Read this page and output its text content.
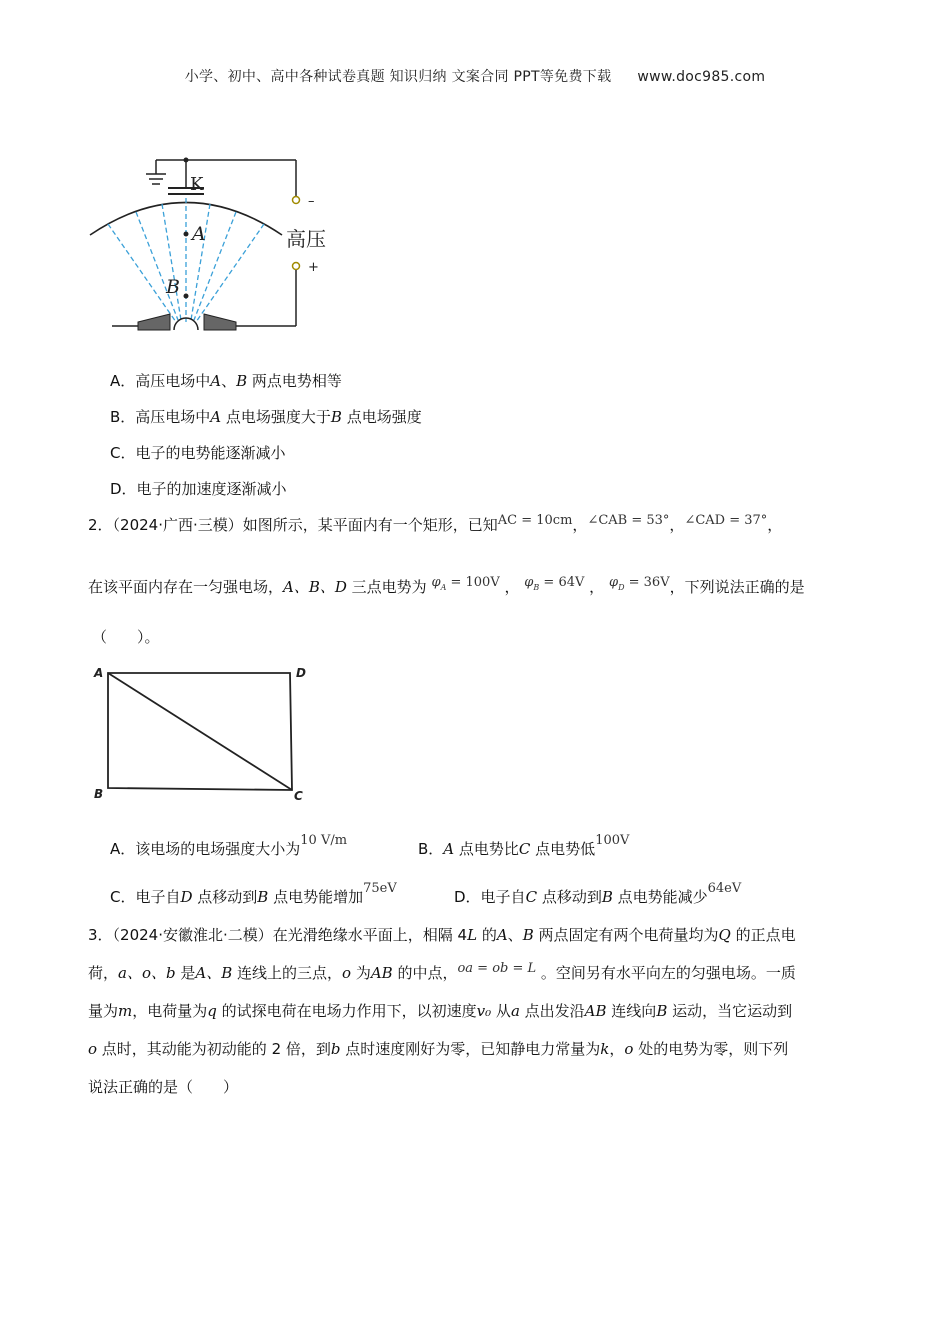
小学、初中、高中各种试卷真题 知识归纳 文案合同 PPT等免费下载 www.doc985.com
K
–
高压
+
A
B
A．高压电场中A、B 两点电势相等
B．高压电场中A 点电场强度大于B 点电场强度
C．电子的电势能逐渐减小
D．电子的加速度逐渐减小
2．（2024·广西·三模）如图所示，某平面内有一个矩形，已知AC = 10cm，∠CAB = 53°，∠CAD = 37°，
在该平面内存在一匀强电场，A、B、D 三点电势为 $\varphi_A = 100V$ ， $\varphi_B = 64V$ ， $\varphi_D = 36V$，下列说法正确的是
（　　）。
A	D
B	C
A．该电场的电场强度大小为10 V/m	B．A 点电势比C 点电势低100V
C．电子自D 点移动到B 点电势能增加75eV	D．电子自C 点移动到B 点电势能减少64eV
3．（2024·安徽淮北·二模）在光滑绝缘水平面上，相隔 4L 的A、B 两点固定有两个电荷量均为Q 的正点电
荷，a、o、b 是A、B 连线上的三点，o 为AB 的中点，oa = ob = L 。空间另有水平向左的匀强电场。一质
量为m，电荷量为q 的试探电荷在电场力作用下，以初速度v₀ 从a 点出发沿AB 连线向B 运动，当它运动到
o 点时，其动能为初动能的 2 倍，到b 点时速度刚好为零，已知静电力常量为k，o 处的电势为零，则下列
说法正确的是（　　）
